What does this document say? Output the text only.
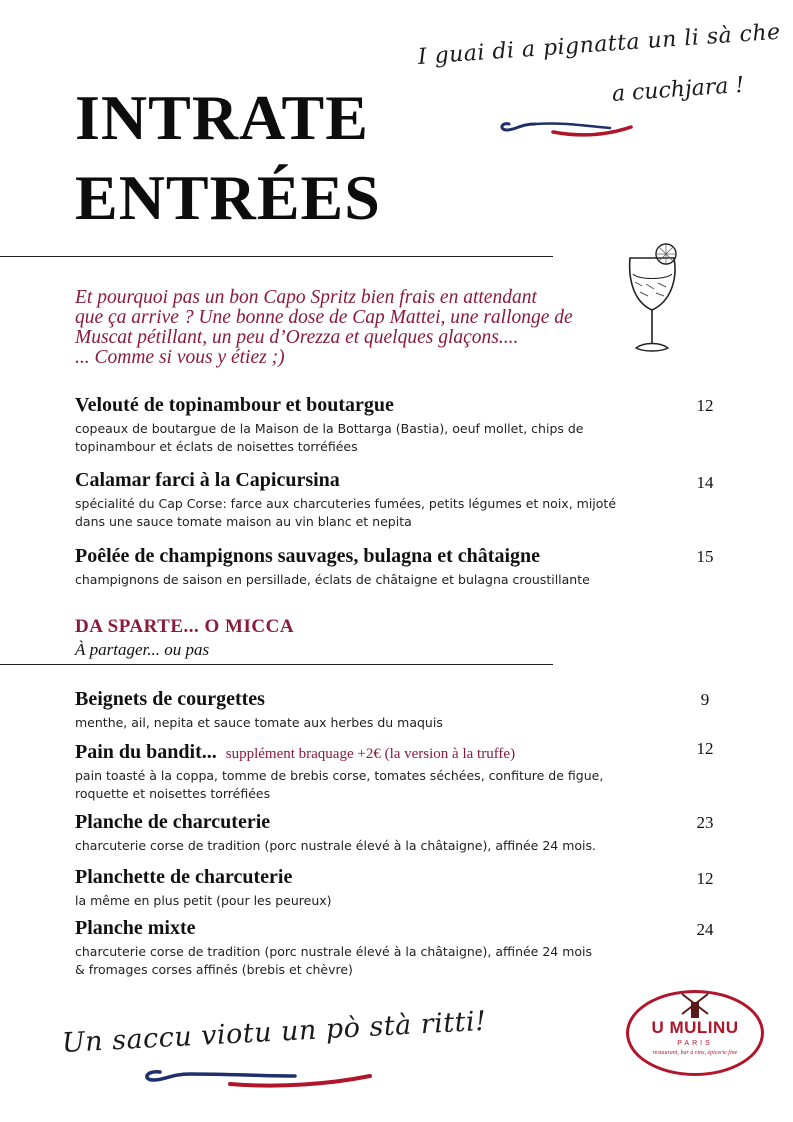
INTRATE
ENTRÉES
I guai di a pignatta un li sà che
a cuchjara !

Et pourquoi pas un bon Capo Spritz bien frais en attendant
que ça arrive ? Une bonne dose de Cap Mattei, une rallonge de
Muscat pétillant, un peu d’Orezza et quelques glaçons....
... Comme si vous y étiez ;)

Velouté de topinambour et boutargue
copeaux de boutargue de la Maison de la Bottarga (Bastia), oeuf mollet, chips de
topinambour et éclats de noisettes torréfiées
12
Calamar farci à la Capicursina
spécialité du Cap Corse: farce aux charcuteries fumées, petits légumes et noix, mijoté
dans une sauce tomate maison au vin blanc et nepita
14
Poêlée de champignons sauvages, bulagna et châtaigne
champignons de saison en persillade, éclats de châtaigne et bulagna croustillante
15
DA SPARTE... O MICCA
À partager... ou pas
Beignets de courgettes
menthe, ail, nepita et sauce tomate aux herbes du maquis
9
Pain du bandit... supplément braquage +2€ (la version à la truffe)
pain toasté à la coppa, tomme de brebis corse, tomates séchées, confiture de figue,
roquette et noisettes torréfiées
12
Planche de charcuterie
charcuterie corse de tradition (porc nustrale élevé à la châtaigne), affinée 24 mois.
23
Planchette de charcuterie
la même en plus petit (pour les peureux)
12
Planche mixte
charcuterie corse de tradition (porc nustrale élevé à la châtaigne), affinée 24 mois
& fromages corses affinés (brebis et chèvre)
24
Un saccu viotu un pò stà ritti!	U MULINU
PARIS
restaurant, bar à vins, épicerie fine
